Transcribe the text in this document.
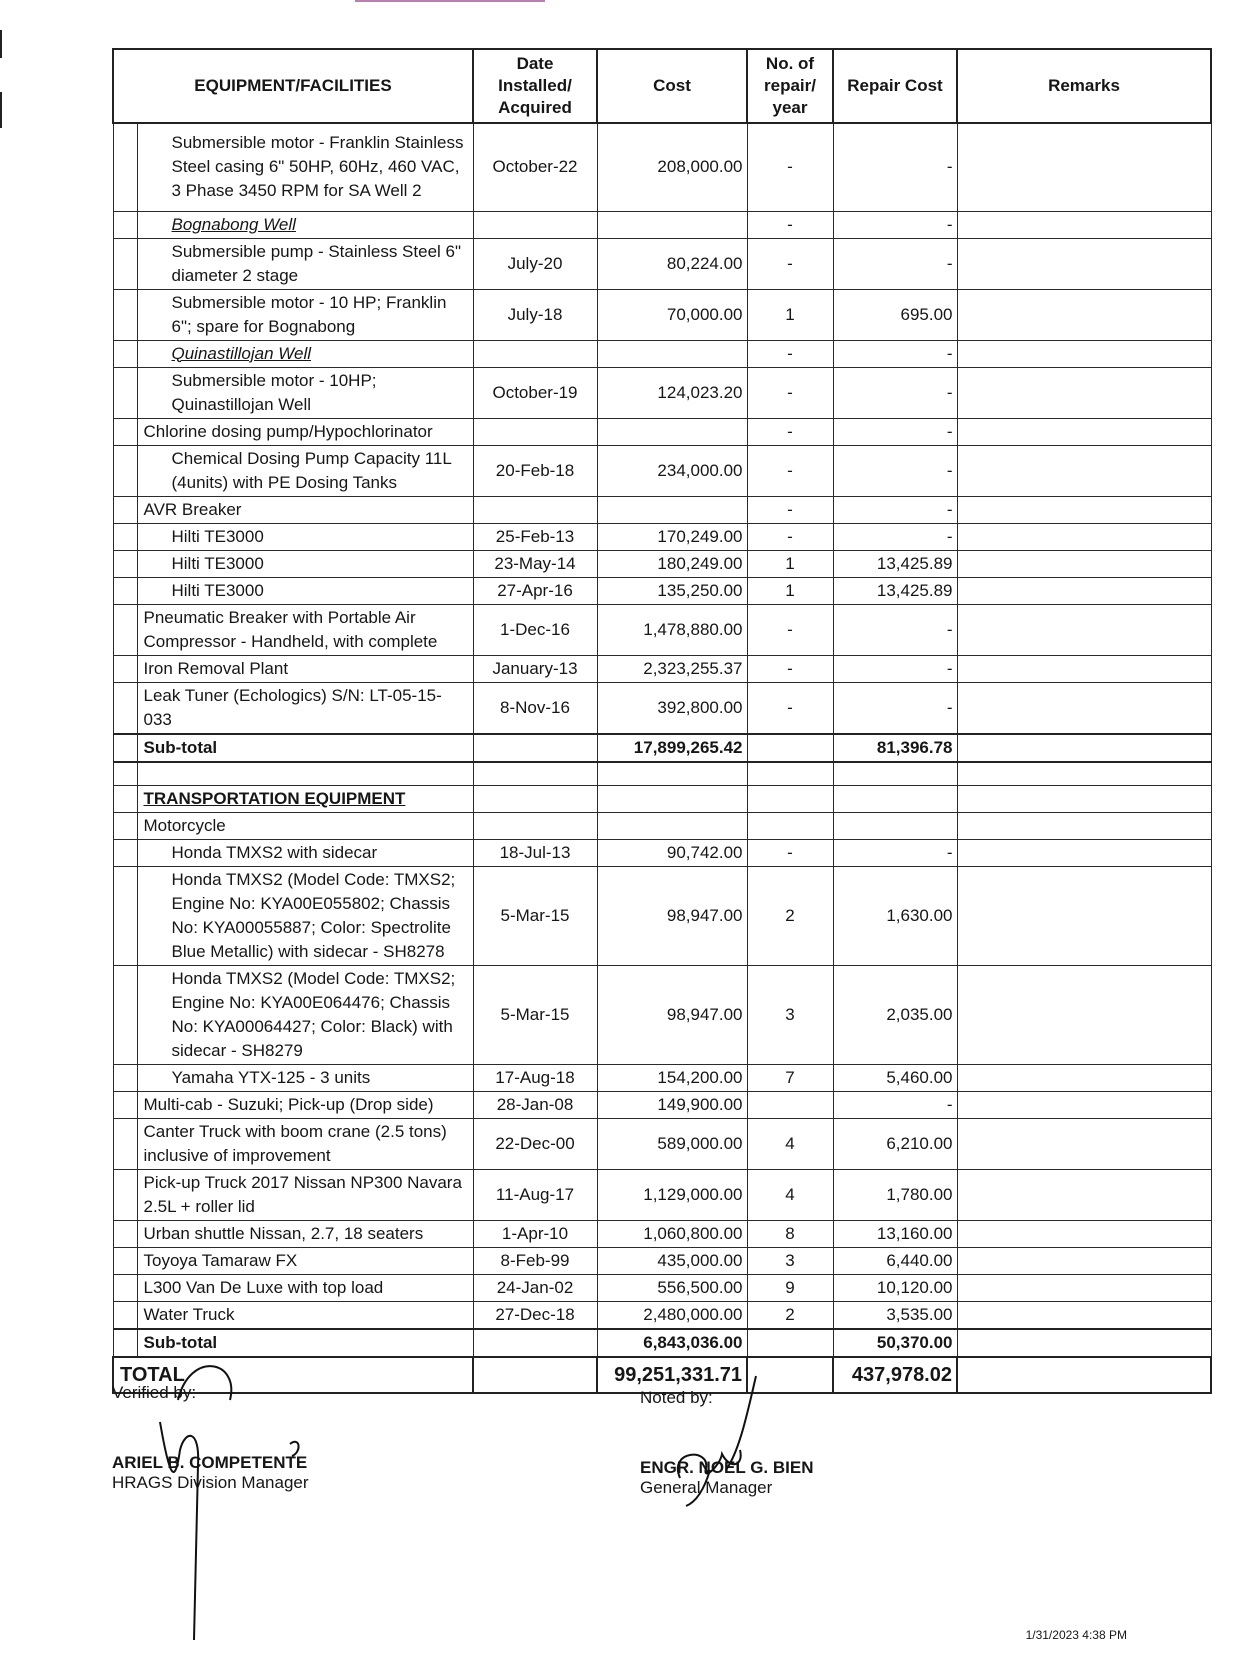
EQUIPMENT/FACILITIES		Date Installed/ Acquired	Cost	No. of repair/ year	Repair Cost	Remarks
	Submersible motor - Franklin Stainless Steel casing 6" 50HP, 60Hz, 460 VAC, 3 Phase 3450 RPM for SA Well 2	October-22	208,000.00	-	-	
	Bognabong Well			-	-	
	Submersible pump - Stainless Steel 6" diameter 2 stage	July-20	80,224.00	-	-	
	Submersible motor - 10 HP; Franklin 6"; spare for Bognabong	July-18	70,000.00	1	695.00	
	Quinastillojan Well			-	-	
	Submersible motor - 10HP; Quinastillojan Well	October-19	124,023.20	-	-	
	Chlorine dosing pump/Hypochlorinator			-	-	
	Chemical Dosing Pump Capacity 11L (4units) with PE Dosing Tanks	20-Feb-18	234,000.00	-	-	
	AVR Breaker			-	-	
	Hilti TE3000	25-Feb-13	170,249.00	-	-	
	Hilti TE3000	23-May-14	180,249.00	1	13,425.89	
	Hilti TE3000	27-Apr-16	135,250.00	1	13,425.89	
	Pneumatic Breaker with Portable Air Compressor - Handheld, with complete	1-Dec-16	1,478,880.00	-	-	
	Iron Removal Plant	January-13	2,323,255.37	-	-	
	Leak Tuner (Echologics) S/N: LT-05-15-033	8-Nov-16	392,800.00	-	-	
	Sub-total		17,899,265.42		81,396.78	

	TRANSPORTATION EQUIPMENT					
	Motorcycle					
	Honda TMXS2 with sidecar	18-Jul-13	90,742.00	-	-	
	Honda TMXS2 (Model Code: TMXS2; Engine No: KYA00E055802; Chassis No: KYA00055887; Color: Spectrolite Blue Metallic) with sidecar - SH8278	5-Mar-15	98,947.00	2	1,630.00	
	Honda TMXS2 (Model Code: TMXS2; Engine No: KYA00E064476; Chassis No: KYA00064427; Color: Black) with sidecar - SH8279	5-Mar-15	98,947.00	3	2,035.00	
	Yamaha YTX-125 - 3 units	17-Aug-18	154,200.00	7	5,460.00	
	Multi-cab - Suzuki; Pick-up (Drop side)	28-Jan-08	149,900.00		-	
	Canter Truck with boom crane (2.5 tons) inclusive of improvement	22-Dec-00	589,000.00	4	6,210.00	
	Pick-up Truck 2017 Nissan NP300 Navara 2.5L + roller lid	11-Aug-17	1,129,000.00	4	1,780.00	
	Urban shuttle Nissan, 2.7, 18 seaters	1-Apr-10	1,060,800.00	8	13,160.00	
	Toyoya Tamaraw FX	8-Feb-99	435,000.00	3	6,440.00	
	L300 Van De Luxe with top load	24-Jan-02	556,500.00	9	10,120.00	
	Water Truck	27-Dec-18	2,480,000.00	2	3,535.00	
	Sub-total		6,843,036.00		50,370.00	
TOTAL			99,251,331.71		437,978.02	
Verified by:
ARIEL B. COMPETENTE
HRAGS Division Manager
Noted by:
ENGR. NOEL G. BIEN
General Manager
1/31/2023 4:38 PM
